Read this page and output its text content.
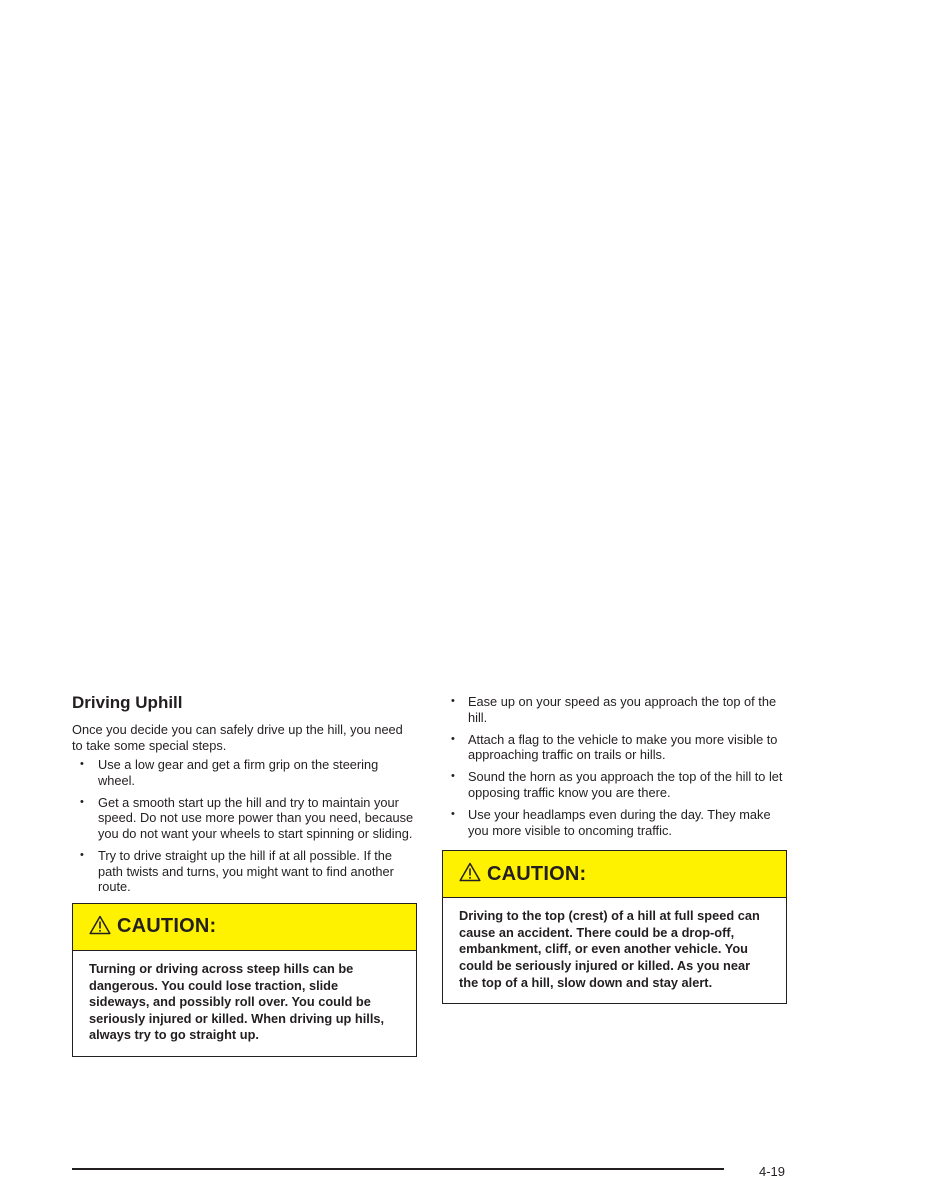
Driving Uphill

Once you decide you can safely drive up the hill, you need to take some special steps.

• Use a low gear and get a firm grip on the steering wheel.
• Get a smooth start up the hill and try to maintain your speed. Do not use more power than you need, because you do not want your wheels to start spinning or sliding.
• Try to drive straight up the hill if at all possible. If the path twists and turns, you might want to find another route.
CAUTION:
Turning or driving across steep hills can be dangerous. You could lose traction, slide sideways, and possibly roll over. You could be seriously injured or killed. When driving up hills, always try to go straight up.
• Ease up on your speed as you approach the top of the hill.
• Attach a flag to the vehicle to make you more visible to approaching traffic on trails or hills.
• Sound the horn as you approach the top of the hill to let opposing traffic know you are there.
• Use your headlamps even during the day. They make you more visible to oncoming traffic.
CAUTION:
Driving to the top (crest) of a hill at full speed can cause an accident. There could be a drop-off, embankment, cliff, or even another vehicle. You could be seriously injured or killed. As you near the top of a hill, slow down and stay alert.
4-19
